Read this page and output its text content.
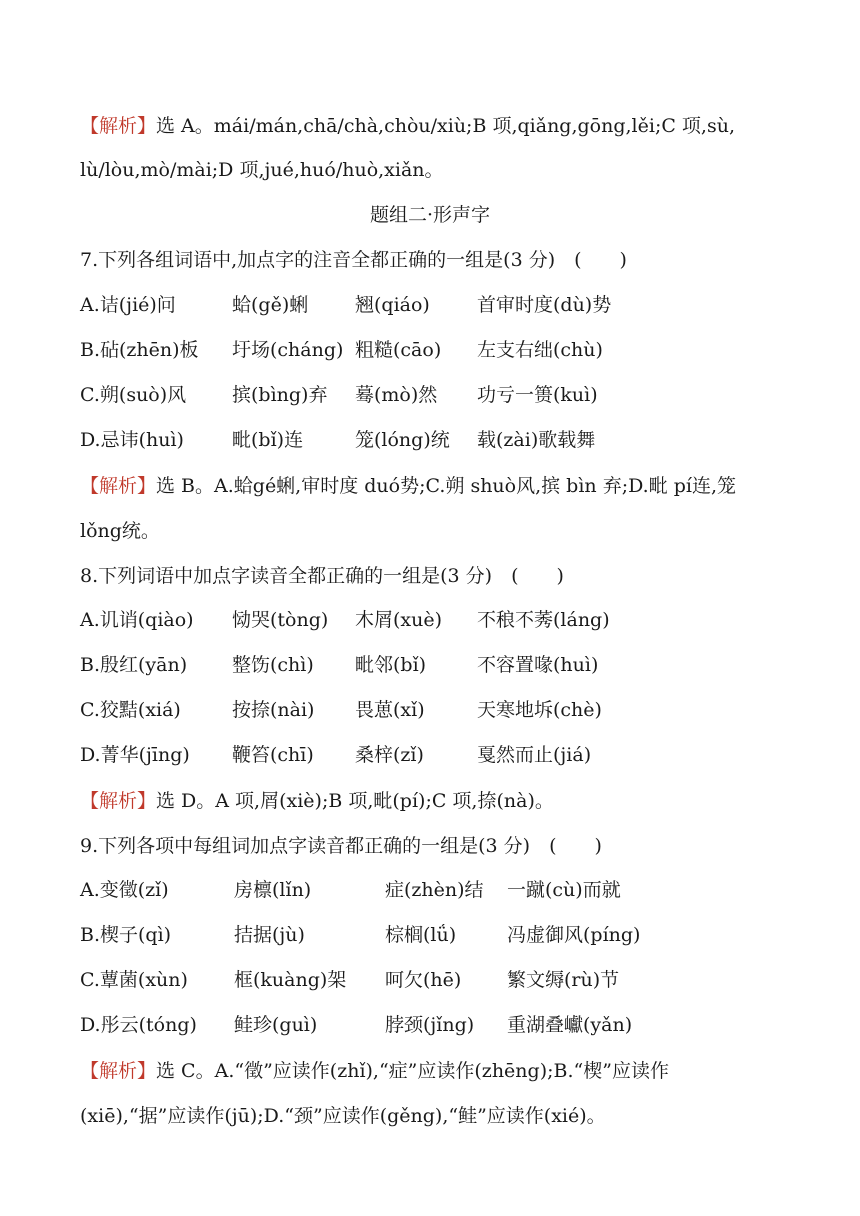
【解析】选 A。mái/mán,chā/chà,chòu/xiù;B 项,qiǎng,gōng,lěi;C 项,sù,
lù/lòu,mò/mài;D 项,jué,huó/huò,xiǎn。
题组二·形声字
7.下列各组词语中,加点字的注音全都正确的一组是(3 分)　(　　)
A.诘(jié)问	蛤(gě)蜊 翘(qiáo) 首审时度(dù)势
B.砧(zhēn)板 圩场(cháng) 粗糙(cāo) 左支右绌(chù)
C.朔(suò)风 摈(bìng)弃 蓦(mò)然 功亏一篑(kuì)
D.忌讳(huì)	毗(bǐ)连	笼(lóng)统 载(zài)歌载舞
【解析】选 B。A.蛤gé蜊,审时度 duó势;C.朔 shuò风,摈 bìn 弃;D.毗 pí连,笼
lǒng统。
8.下列词语中加点字读音全都正确的一组是(3 分)　(　　)
A.讥诮(qiào) 恸哭(tòng) 木屑(xuè) 不稂不莠(láng)
B.殷红(yān) 整饬(chì) 毗邻(bǐ)	不容置喙(huì)
C.狡黠(xiá)	按捺(nài) 畏葸(xǐ)	天寒地坼(chè)
D.菁华(jīng) 鞭笞(chī) 桑梓(zǐ)	戛然而止(jiá)
【解析】选 D。A 项,屑(xiè);B 项,毗(pí);C 项,捺(nà)。
9.下列各项中每组词加点字读音都正确的一组是(3 分)　(　　)
A.变徵(zǐ)	房檩(lǐn)	症(zhèn)结 一蹴(cù)而就
B.楔子(qì)	拮据(jù)	棕榈(lǘ)	冯虚御风(píng)
C.蕈菌(xùn) 框(kuàng)架 呵欠(hē) 繁文缛(rù)节
D.彤云(tóng) 鲑珍(guì)	脖颈(jǐng) 重湖叠巘(yǎn)
【解析】选 C。A.“徵”应读作(zhǐ),“症”应读作(zhēng);B.“楔”应读作
(xiē),“据”应读作(jū);D.“颈”应读作(gěng),“鲑”应读作(xié)。
